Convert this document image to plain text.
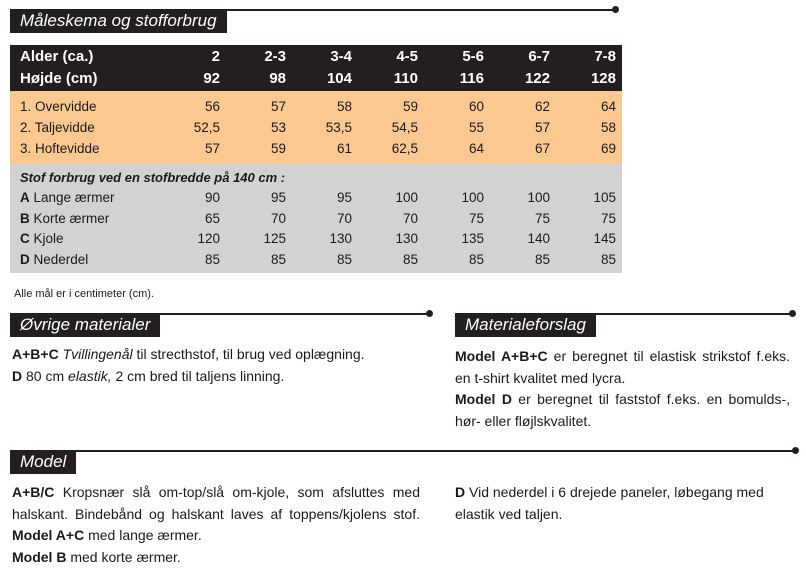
Måleskema og stofforbrug
Alder (ca.)	2	2-3	3-4	4-5	5-6	6-7	7-8
Højde (cm)	92	98	104	110	116	122	128

1. Overvidde	56	57	58	59	60	62	64
2. Taljevidde	52,5	53	53,5	54,5	55	57	58
3. Hoftevidde	57	59	61	62,5	64	67	69

Stof forbrug ved en stofbredde på 140 cm :							
A Lange ærmer	90	95	95	100	100	100	105
B Korte ærmer	65	70	70	70	75	75	75
C Kjole	120	125	130	130	135	140	145
D Nederdel	85	85	85	85	85	85	85

Alle mål er i centimeter (cm).
Øvrige materialer
A+B+C Tvillingenål til strecthstof, til brug ved oplægning.
D 80 cm elastik, 2 cm bred til taljens linning.
Materialeforslag
Model A+B+C er beregnet til elastisk strikstof f.eks. en t-shirt kvalitet med lycra.
Model D er beregnet til faststof f.eks. en bomulds-, hør- eller fløjlskvalitet.
Model
A+B/C Kropsnær slå om-top/slå om-kjole, som afsluttes med halskant. Bindebånd og halskant laves af toppens/kjolens stof. Model A+C med lange ærmer.
Model B med korte ærmer.
D Vid nederdel i 6 drejede paneler, løbegang med elastik ved taljen.
